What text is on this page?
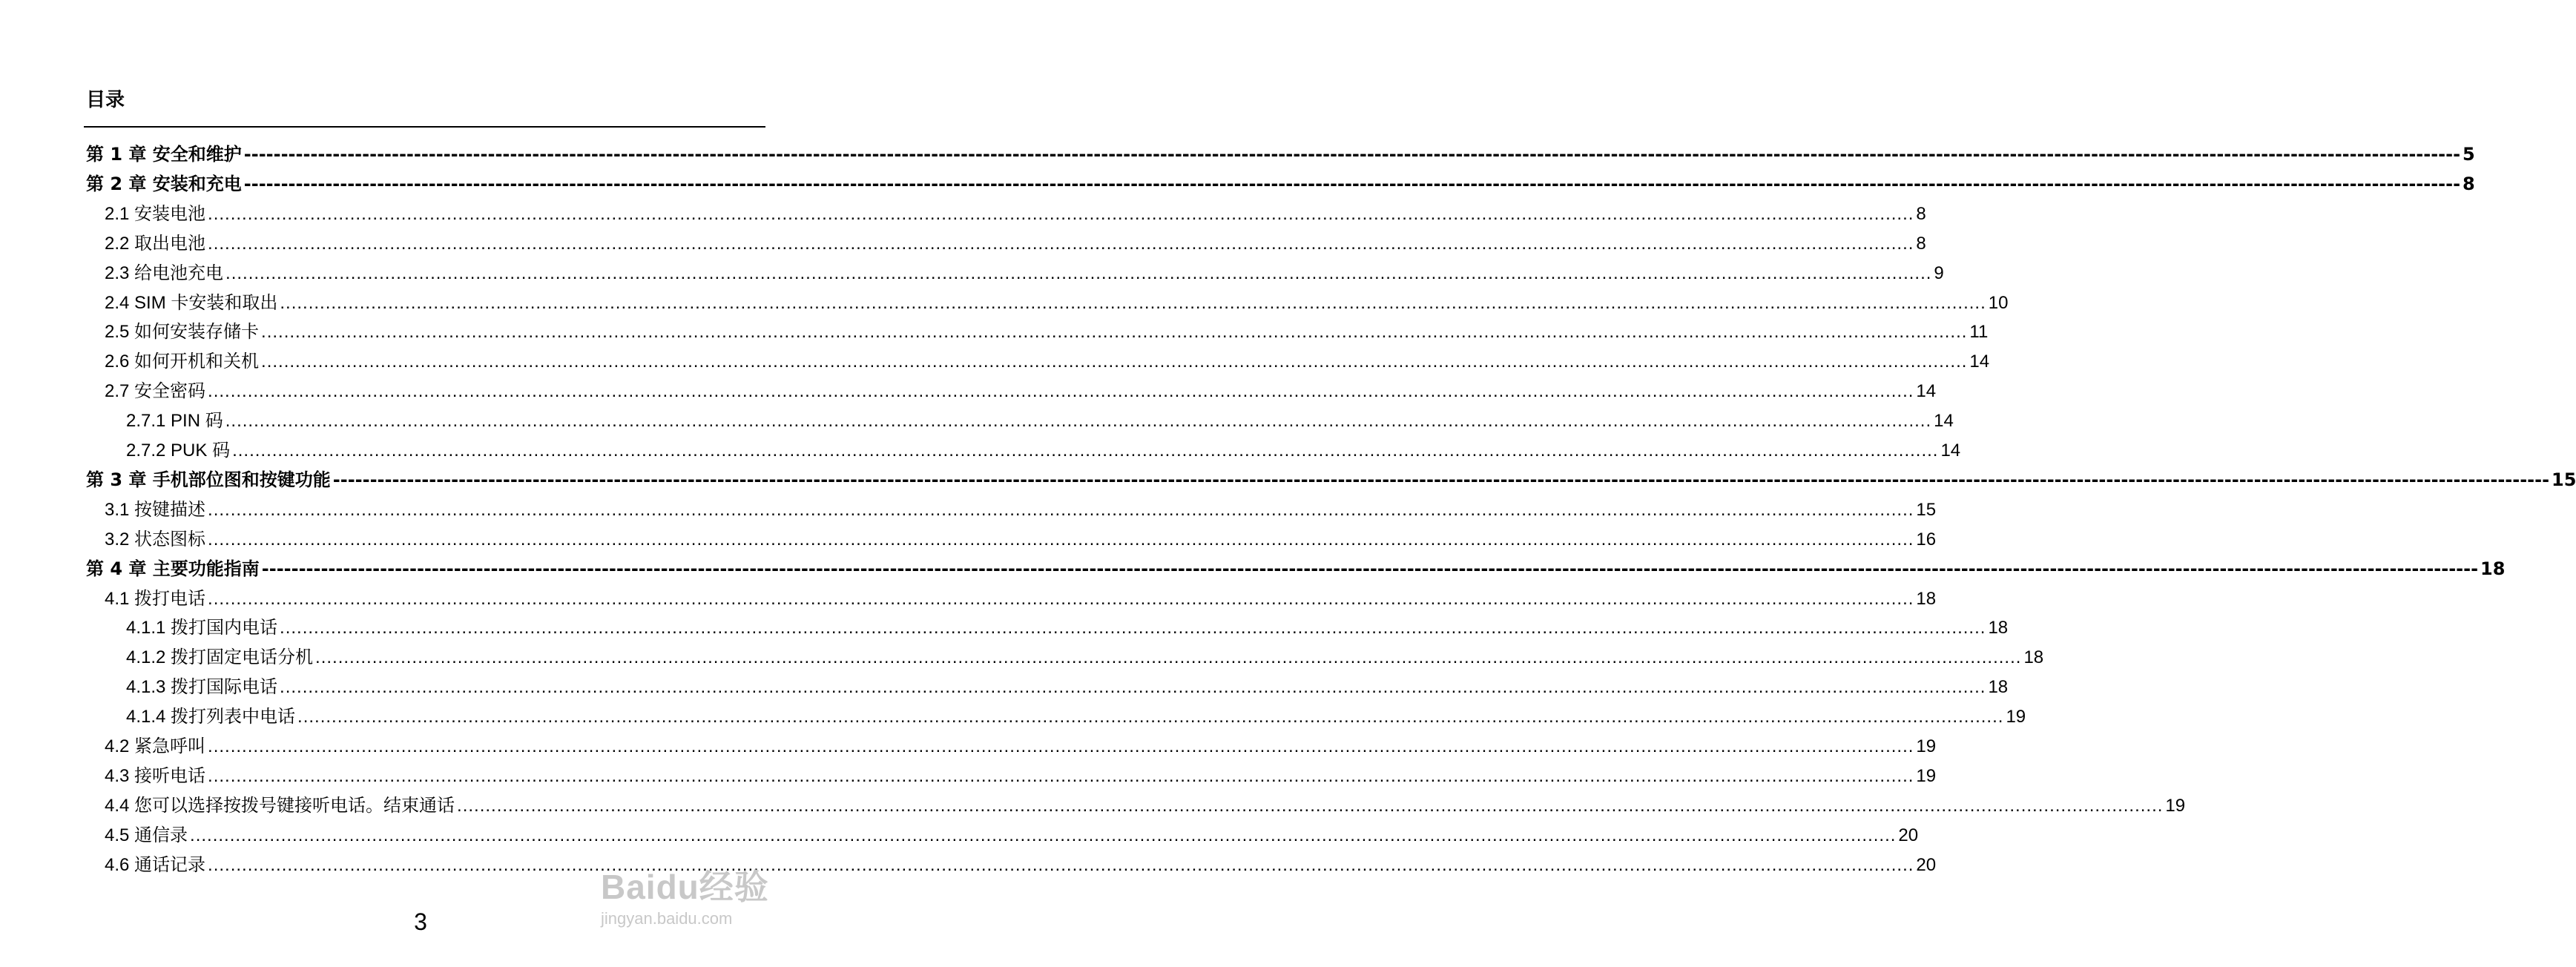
目录
第 1 章 安全和维护 ------------------------------------------------------------------------------------------------------------------------------------------------------------------------------------------------------------------------------------------------------------------------------------------------------------ 5
第 2 章 安装和充电 ------------------------------------------------------------------------------------------------------------------------------------------------------------------------------------------------------------------------------------------------------------------------------------------------------------ 8
2.1 安装电池 ............................................................................................................................................................................................................................................................................................................ 8
2.2 取出电池 ............................................................................................................................................................................................................................................................................................................ 8
2.3 给电池充电 ............................................................................................................................................................................................................................................................................................................ 9
2.4 SIM 卡安装和取出 ............................................................................................................................................................................................................................................................................................................ 10
2.5 如何安装存储卡 ............................................................................................................................................................................................................................................................................................................ 11
2.6 如何开机和关机 ............................................................................................................................................................................................................................................................................................................ 14
2.7 安全密码 ............................................................................................................................................................................................................................................................................................................ 14
2.7.1 PIN 码 ............................................................................................................................................................................................................................................................................................................ 14
2.7.2 PUK 码 ............................................................................................................................................................................................................................................................................................................ 14
第 3 章 手机部位图和按键功能 ------------------------------------------------------------------------------------------------------------------------------------------------------------------------------------------------------------------------------------------------------------------------------------------------------------ 15
3.1 按键描述 ............................................................................................................................................................................................................................................................................................................ 15
3.2 状态图标 ............................................................................................................................................................................................................................................................................................................ 16
第 4 章 主要功能指南 ------------------------------------------------------------------------------------------------------------------------------------------------------------------------------------------------------------------------------------------------------------------------------------------------------------ 18
4.1 拨打电话 ............................................................................................................................................................................................................................................................................................................ 18
4.1.1 拨打国内电话 ............................................................................................................................................................................................................................................................................................................ 18
4.1.2 拨打固定电话分机 ............................................................................................................................................................................................................................................................................................................ 18
4.1.3 拨打国际电话 ............................................................................................................................................................................................................................................................................................................ 18
4.1.4 拨打列表中电话 ............................................................................................................................................................................................................................................................................................................ 19
4.2 紧急呼叫 ............................................................................................................................................................................................................................................................................................................ 19
4.3 接听电话 ............................................................................................................................................................................................................................................................................................................ 19
4.4 您可以选择按拨号键接听电话。结束通话 ............................................................................................................................................................................................................................................................................................................ 19
4.5 通信录 ............................................................................................................................................................................................................................................................................................................ 20
4.6 通话记录 ............................................................................................................................................................................................................................................................................................................ 20
3
Baidu经验
jingyan.baidu.com
